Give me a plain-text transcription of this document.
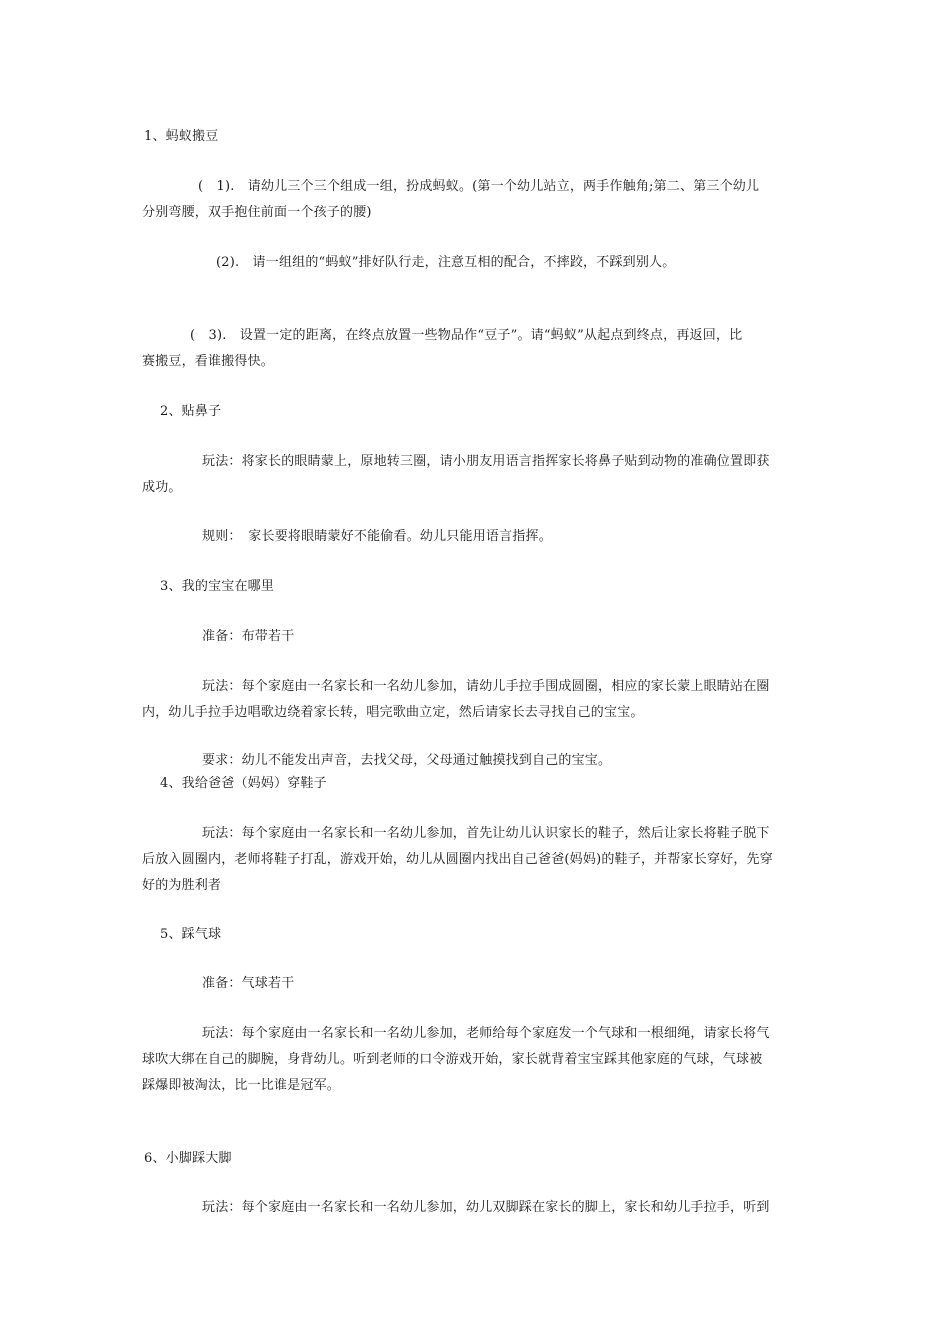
1、蚂蚁搬豆
(　1).　请幼儿三个三个组成一组，扮成蚂蚁。(第一个幼儿站立，两手作触角;第二、第三个幼儿
分别弯腰，双手抱住前面一个孩子的腰)
(2).　请一组组的“蚂蚁”排好队行走，注意互相的配合，不摔跤，不踩到别人。
(　3).　设置一定的距离，在终点放置一些物品作“豆子”。请“蚂蚁”从起点到终点，再返回，比
赛搬豆，看谁搬得快。
2、贴鼻子
玩法：将家长的眼睛蒙上，原地转三圈，请小朋友用语言指挥家长将鼻子贴到动物的准确位置即获
成功。
规则：　家长要将眼睛蒙好不能偷看。幼儿只能用语言指挥。
3、我的宝宝在哪里
准备：布带若干
玩法：每个家庭由一名家长和一名幼儿参加，请幼儿手拉手围成圆圈，相应的家长蒙上眼睛站在圈
内，幼儿手拉手边唱歌边绕着家长转，唱完歌曲立定，然后请家长去寻找自己的宝宝。
要求：幼儿不能发出声音，去找父母，父母通过触摸找到自己的宝宝。
4、我给爸爸（妈妈）穿鞋子
玩法：每个家庭由一名家长和一名幼儿参加，首先让幼儿认识家长的鞋子，然后让家长将鞋子脱下
后放入圆圈内，老师将鞋子打乱，游戏开始，幼儿从圆圈内找出自己爸爸(妈妈)的鞋子，并帮家长穿好，先穿
好的为胜利者
5、踩气球
准备：气球若干
玩法：每个家庭由一名家长和一名幼儿参加，老师给每个家庭发一个气球和一根细绳，请家长将气
球吹大绑在自己的脚腕，身背幼儿。听到老师的口令游戏开始，家长就背着宝宝踩其他家庭的气球，气球被
踩爆即被淘汰，比一比谁是冠军。
6、小脚踩大脚
玩法：每个家庭由一名家长和一名幼儿参加，幼儿双脚踩在家长的脚上，家长和幼儿手拉手，听到
